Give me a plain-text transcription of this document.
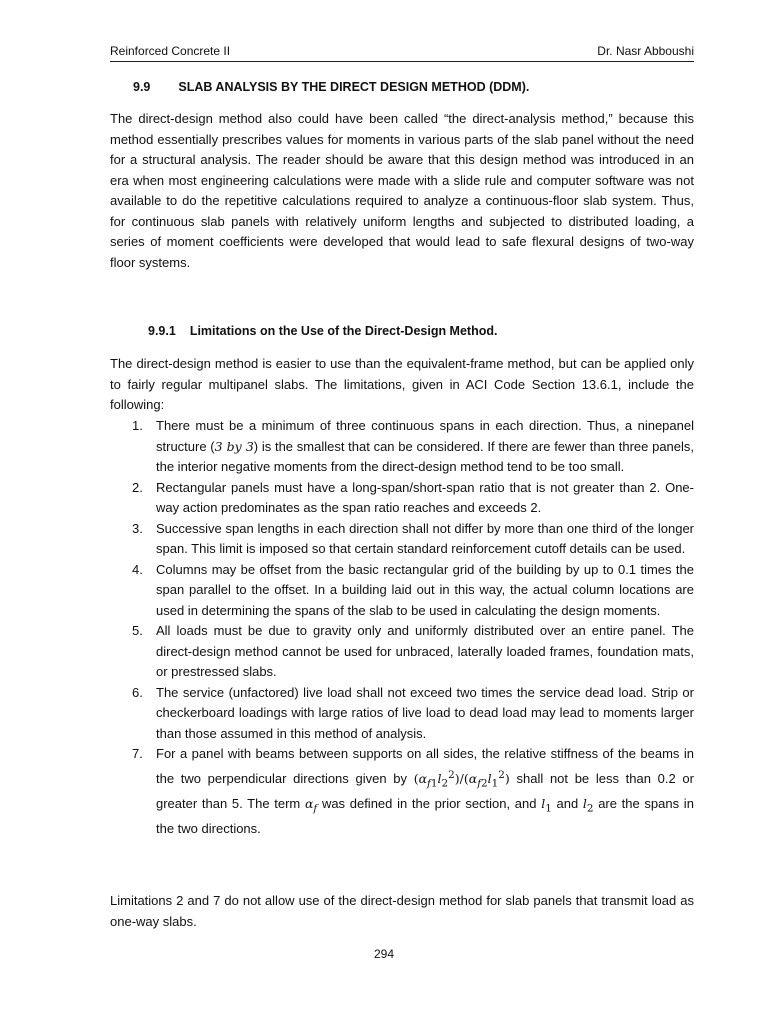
Reinforced Concrete II	Dr. Nasr Abboushi
9.9 SLAB ANALYSIS BY THE DIRECT DESIGN METHOD (DDM).

The direct-design method also could have been called “the direct-analysis method,” because this method essentially prescribes values for moments in various parts of the slab panel without the need for a structural analysis. The reader should be aware that this design method was introduced in an era when most engineering calculations were made with a slide rule and computer software was not available to do the repetitive calculations required to analyze a continuous-floor slab system. Thus, for continuous slab panels with relatively uniform lengths and subjected to distributed loading, a series of moment coefficients were developed that would lead to safe flexural designs of two-way floor systems.

9.9.1 Limitations on the Use of the Direct-Design Method.

The direct-design method is easier to use than the equivalent-frame method, but can be applied only to fairly regular multipanel slabs. The limitations, given in ACI Code Section 13.6.1, include the following:

1. There must be a minimum of three continuous spans in each direction. Thus, a ninepanel structure (3 by 3) is the smallest that can be considered. If there are fewer than three panels, the interior negative moments from the direct-design method tend to be too small.
2. Rectangular panels must have a long-span/short-span ratio that is not greater than 2. One-way action predominates as the span ratio reaches and exceeds 2.
3. Successive span lengths in each direction shall not differ by more than one third of the longer span. This limit is imposed so that certain standard reinforcement cutoff details can be used.
4. Columns may be offset from the basic rectangular grid of the building by up to 0.1 times the span parallel to the offset. In a building laid out in this way, the actual column locations are used in determining the spans of the slab to be used in calculating the design moments.
5. All loads must be due to gravity only and uniformly distributed over an entire panel. The direct-design method cannot be used for unbraced, laterally loaded frames, foundation mats, or prestressed slabs.
6. The service (unfactored) live load shall not exceed two times the service dead load. Strip or checkerboard loadings with large ratios of live load to dead load may lead to moments larger than those assumed in this method of analysis.
7. For a panel with beams between supports on all sides, the relative stiffness of the beams in the two perpendicular directions given by $(\alpha_{f1}l_2^2)/(\alpha_{f2}l_1^2)$ shall not be less than 0.2 or greater than 5. The term $\alpha_f$ was defined in the prior section, and $l_1$ and $l_2$ are the spans in the two directions.

Limitations 2 and 7 do not allow use of the direct-design method for slab panels that transmit load as one-way slabs.

294
